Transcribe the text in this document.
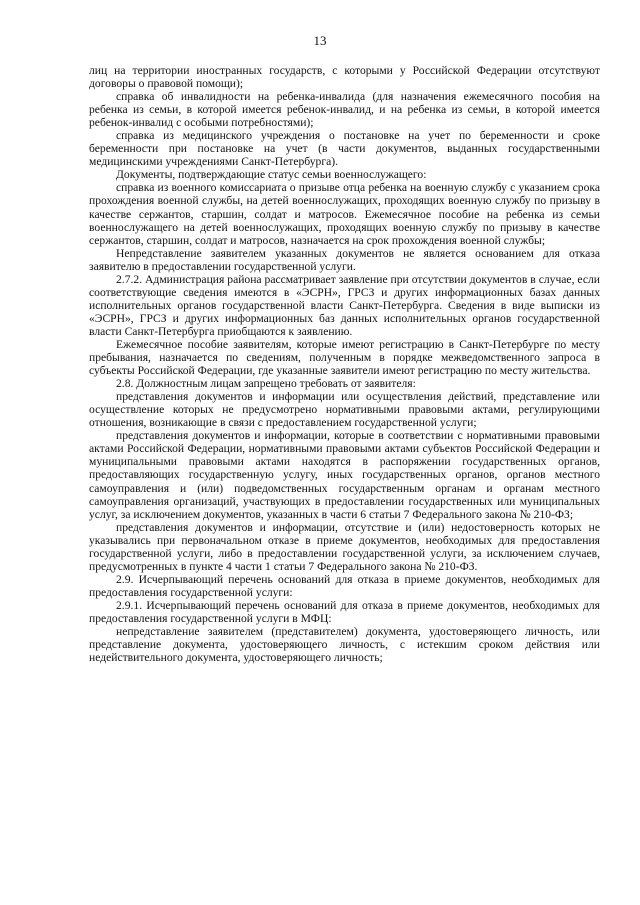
13

лиц на территории иностранных государств, с которыми у Российской Федерации отсутствуют договоры о правовой помощи);

справка об инвалидности на ребенка-инвалида (для назначения ежемесячного пособия на ребенка из семьи, в которой имеется ребенок-инвалид, и на ребенка из семьи, в которой имеется ребенок-инвалид с особыми потребностями);

справка из медицинского учреждения о постановке на учет по беременности и сроке беременности при постановке на учет (в части документов, выданных государственными медицинскими учреждениями Санкт-Петербурга).

Документы, подтверждающие статус семьи военнослужащего:

справка из военного комиссариата о призыве отца ребенка на военную службу с указанием срока прохождения военной службы, на детей военнослужащих, проходящих военную службу по призыву в качестве сержантов, старшин, солдат и матросов. Ежемесячное пособие на ребенка из семьи военнослужащего на детей военнослужащих, проходящих военную службу по призыву в качестве сержантов, старшин, солдат и матросов, назначается на срок прохождения военной службы;

Непредставление заявителем указанных документов не является основанием для отказа заявителю в предоставлении государственной услуги.

2.7.2. Администрация района рассматривает заявление при отсутствии документов в случае, если соответствующие сведения имеются в «ЭСРН», ГРСЗ и других информационных базах данных исполнительных органов государственной власти Санкт-Петербурга. Сведения в виде выписки из «ЭСРН», ГРСЗ и других информационных баз данных исполнительных органов государственной власти Санкт-Петербурга приобщаются к заявлению.

Ежемесячное пособие заявителям, которые имеют регистрацию в Санкт-Петербурге по месту пребывания, назначается по сведениям, полученным в порядке межведомственного запроса в субъекты Российской Федерации, где указанные заявители имеют регистрацию по месту жительства.

2.8. Должностным лицам запрещено требовать от заявителя:

представления документов и информации или осуществления действий, представление или осуществление которых не предусмотрено нормативными правовыми актами, регулирующими отношения, возникающие в связи с предоставлением государственной услуги;

представления документов и информации, которые в соответствии с нормативными правовыми актами Российской Федерации, нормативными правовыми актами субъектов Российской Федерации и муниципальными правовыми актами находятся в распоряжении государственных органов, предоставляющих государственную услугу, иных государственных органов, органов местного самоуправления и (или) подведомственных государственным органам и органам местного самоуправления организаций, участвующих в предоставлении государственных или муниципальных услуг, за исключением документов, указанных в части 6 статьи 7 Федерального закона № 210-ФЗ;

представления документов и информации, отсутствие и (или) недостоверность которых не указывались при первоначальном отказе в приеме документов, необходимых для предоставления государственной услуги, либо в предоставлении государственной услуги, за исключением случаев, предусмотренных в пункте 4 части 1 статьи 7 Федерального закона № 210-ФЗ.

2.9. Исчерпывающий перечень оснований для отказа в приеме документов, необходимых для предоставления государственной услуги:

2.9.1. Исчерпывающий перечень оснований для отказа в приеме документов, необходимых для предоставления государственной услуги в МФЦ:

непредставление заявителем (представителем) документа, удостоверяющего личность, или представление документа, удостоверяющего личность, с истекшим сроком действия или недействительного документа, удостоверяющего личность;
